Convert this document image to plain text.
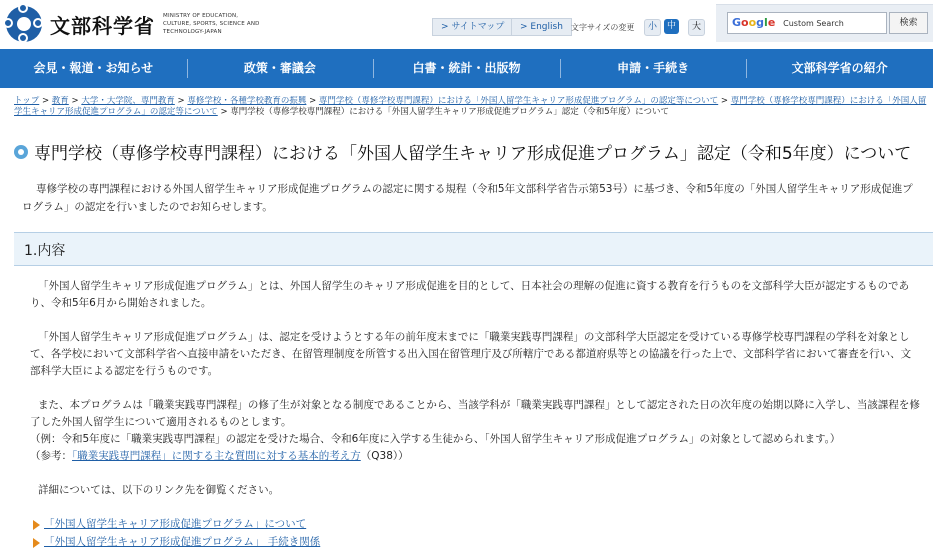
文部科学省 MINISTRY OF EDUCATION, CULTURE, SPORTS, SCIENCE AND TECHNOLOGY-JAPAN	> サイトマップ	> English	文字サイズの変更	小	中	大	Google Custom Search	検索
会見・報道・お知らせ	政策・審議会	白書・統計・出版物	申請・手続き	文部科学省の紹介
トップ > 教育 > 大学・大学院、専門教育 > 専修学校・各種学校教育の振興 > 専門学校（専修学校専門課程）における「外国人留学生キャリア形成促進プログラム」の認定等について > 専門学校（専修学校専門課程）における「外国人留学生キャリア形成促進プログラム」の認定等について > 専門学校（専修学校専門課程）における「外国人留学生キャリア形成促進プログラム」認定（令和5年度）について
専門学校（専修学校専門課程）における「外国人留学生キャリア形成促進プログラム」認定（令和5年度）について
専修学校の専門課程における外国人留学生キャリア形成促進プログラムの認定に関する規程（令和5年文部科学省告示第53号）に基づき、令和5年度の「外国人留学生キャリア形成促進プログラム」の認定を行いましたのでお知らせします。
1.内容
「外国人留学生キャリア形成促進プログラム」とは、外国人留学生のキャリア形成促進を目的として、日本社会の理解の促進に資する教育を行うものを文部科学大臣が認定するものであり、令和5年6月から開始されました。
「外国人留学生キャリア形成促進プログラム」は、認定を受けようとする年の前年度末までに「職業実践専門課程」の文部科学大臣認定を受けている専修学校専門課程の学科を対象として、各学校において文部科学省へ直接申請をいただき、在留管理制度を所管する出入国在留管理庁及び所轄庁である都道府県等との協議を行った上で、文部科学省において審査を行い、文部科学大臣による認定を行うものです。
また、本プログラムは「職業実践専門課程」の修了生が対象となる制度であることから、当該学科が「職業実践専門課程」として認定された日の次年度の始期以降に入学し、当該課程を修了した外国人留学生について適用されるものとします。
（例：令和5年度に「職業実践専門課程」の認定を受けた場合、令和6年度に入学する生徒から、「外国人留学生キャリア形成促進プログラム」の対象として認められます。）
（参考：「職業実践専門課程」に関する主な質問に対する基本的考え方（Q38））
詳細については、以下のリンク先を御覧ください。
「外国人留学生キャリア形成促進プログラム」について
「外国人留学生キャリア形成促進プログラム」 手続き関係
